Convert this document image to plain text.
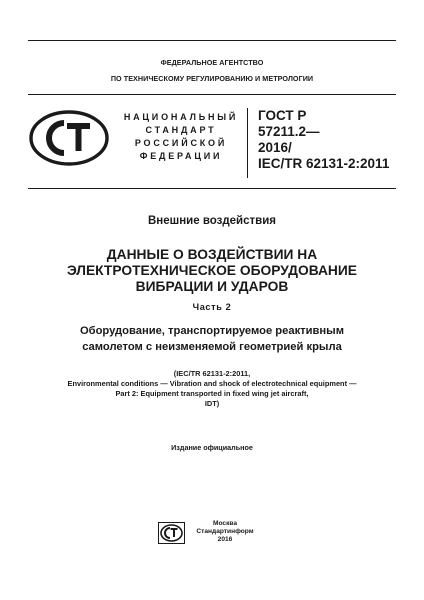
ФЕДЕРАЛЬНОЕ АГЕНТСТВО
ПО ТЕХНИЧЕСКОМУ РЕГУЛИРОВАНИЮ И МЕТРОЛОГИИ
НАЦИОНАЛЬНЫЙ
СТАНДАРТ
РОССИЙСКОЙ
ФЕДЕРАЦИИ
ГОСТ Р
57211.2—
2016/
IEC/TR 62131-2:2011
Внешние воздействия
ДАННЫЕ О ВОЗДЕЙСТВИИ НА
ЭЛЕКТРОТЕХНИЧЕСКОЕ ОБОРУДОВАНИЕ
ВИБРАЦИИ И УДАРОВ
Часть 2
Оборудование, транспортируемое реактивным
самолетом с неизменяемой геометрией крыла
(IEC/TR 62131-2:2011,
Environmental conditions — Vibration and shock of electrotechnical equipment —
Part 2: Equipment transported in fixed wing jet aircraft,
IDT)
Издание официальное
Москва
Стандартинформ
2016
